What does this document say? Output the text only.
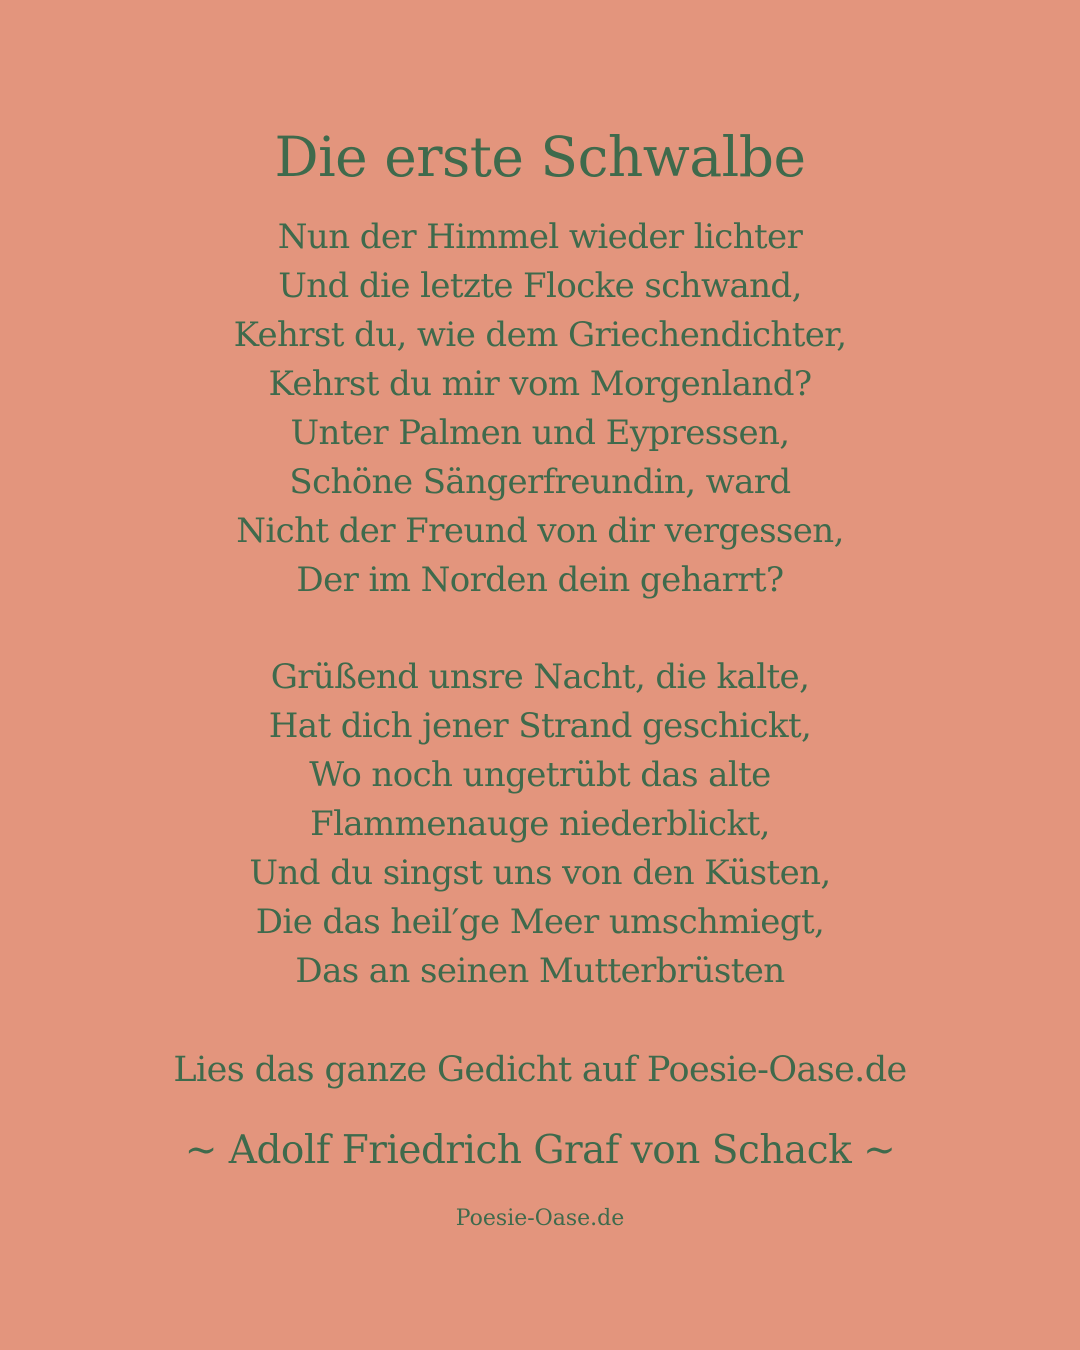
Die erste Schwalbe
Nun der Himmel wieder lichter
Und die letzte Flocke schwand,
Kehrst du, wie dem Griechendichter,
Kehrst du mir vom Morgenland?
Unter Palmen und Eypressen,
Schöne Sängerfreundin, ward
Nicht der Freund von dir vergessen,
Der im Norden dein geharrt?
Grüßend unsre Nacht, die kalte,
Hat dich jener Strand geschickt,
Wo noch ungetrübt das alte
Flammenauge niederblickt,
Und du singst uns von den Küsten,
Die das heil′ge Meer umschmiegt,
Das an seinen Mutterbrüsten
Lies das ganze Gedicht auf Poesie-Oase.de
~ Adolf Friedrich Graf von Schack ~
Poesie-Oase.de
